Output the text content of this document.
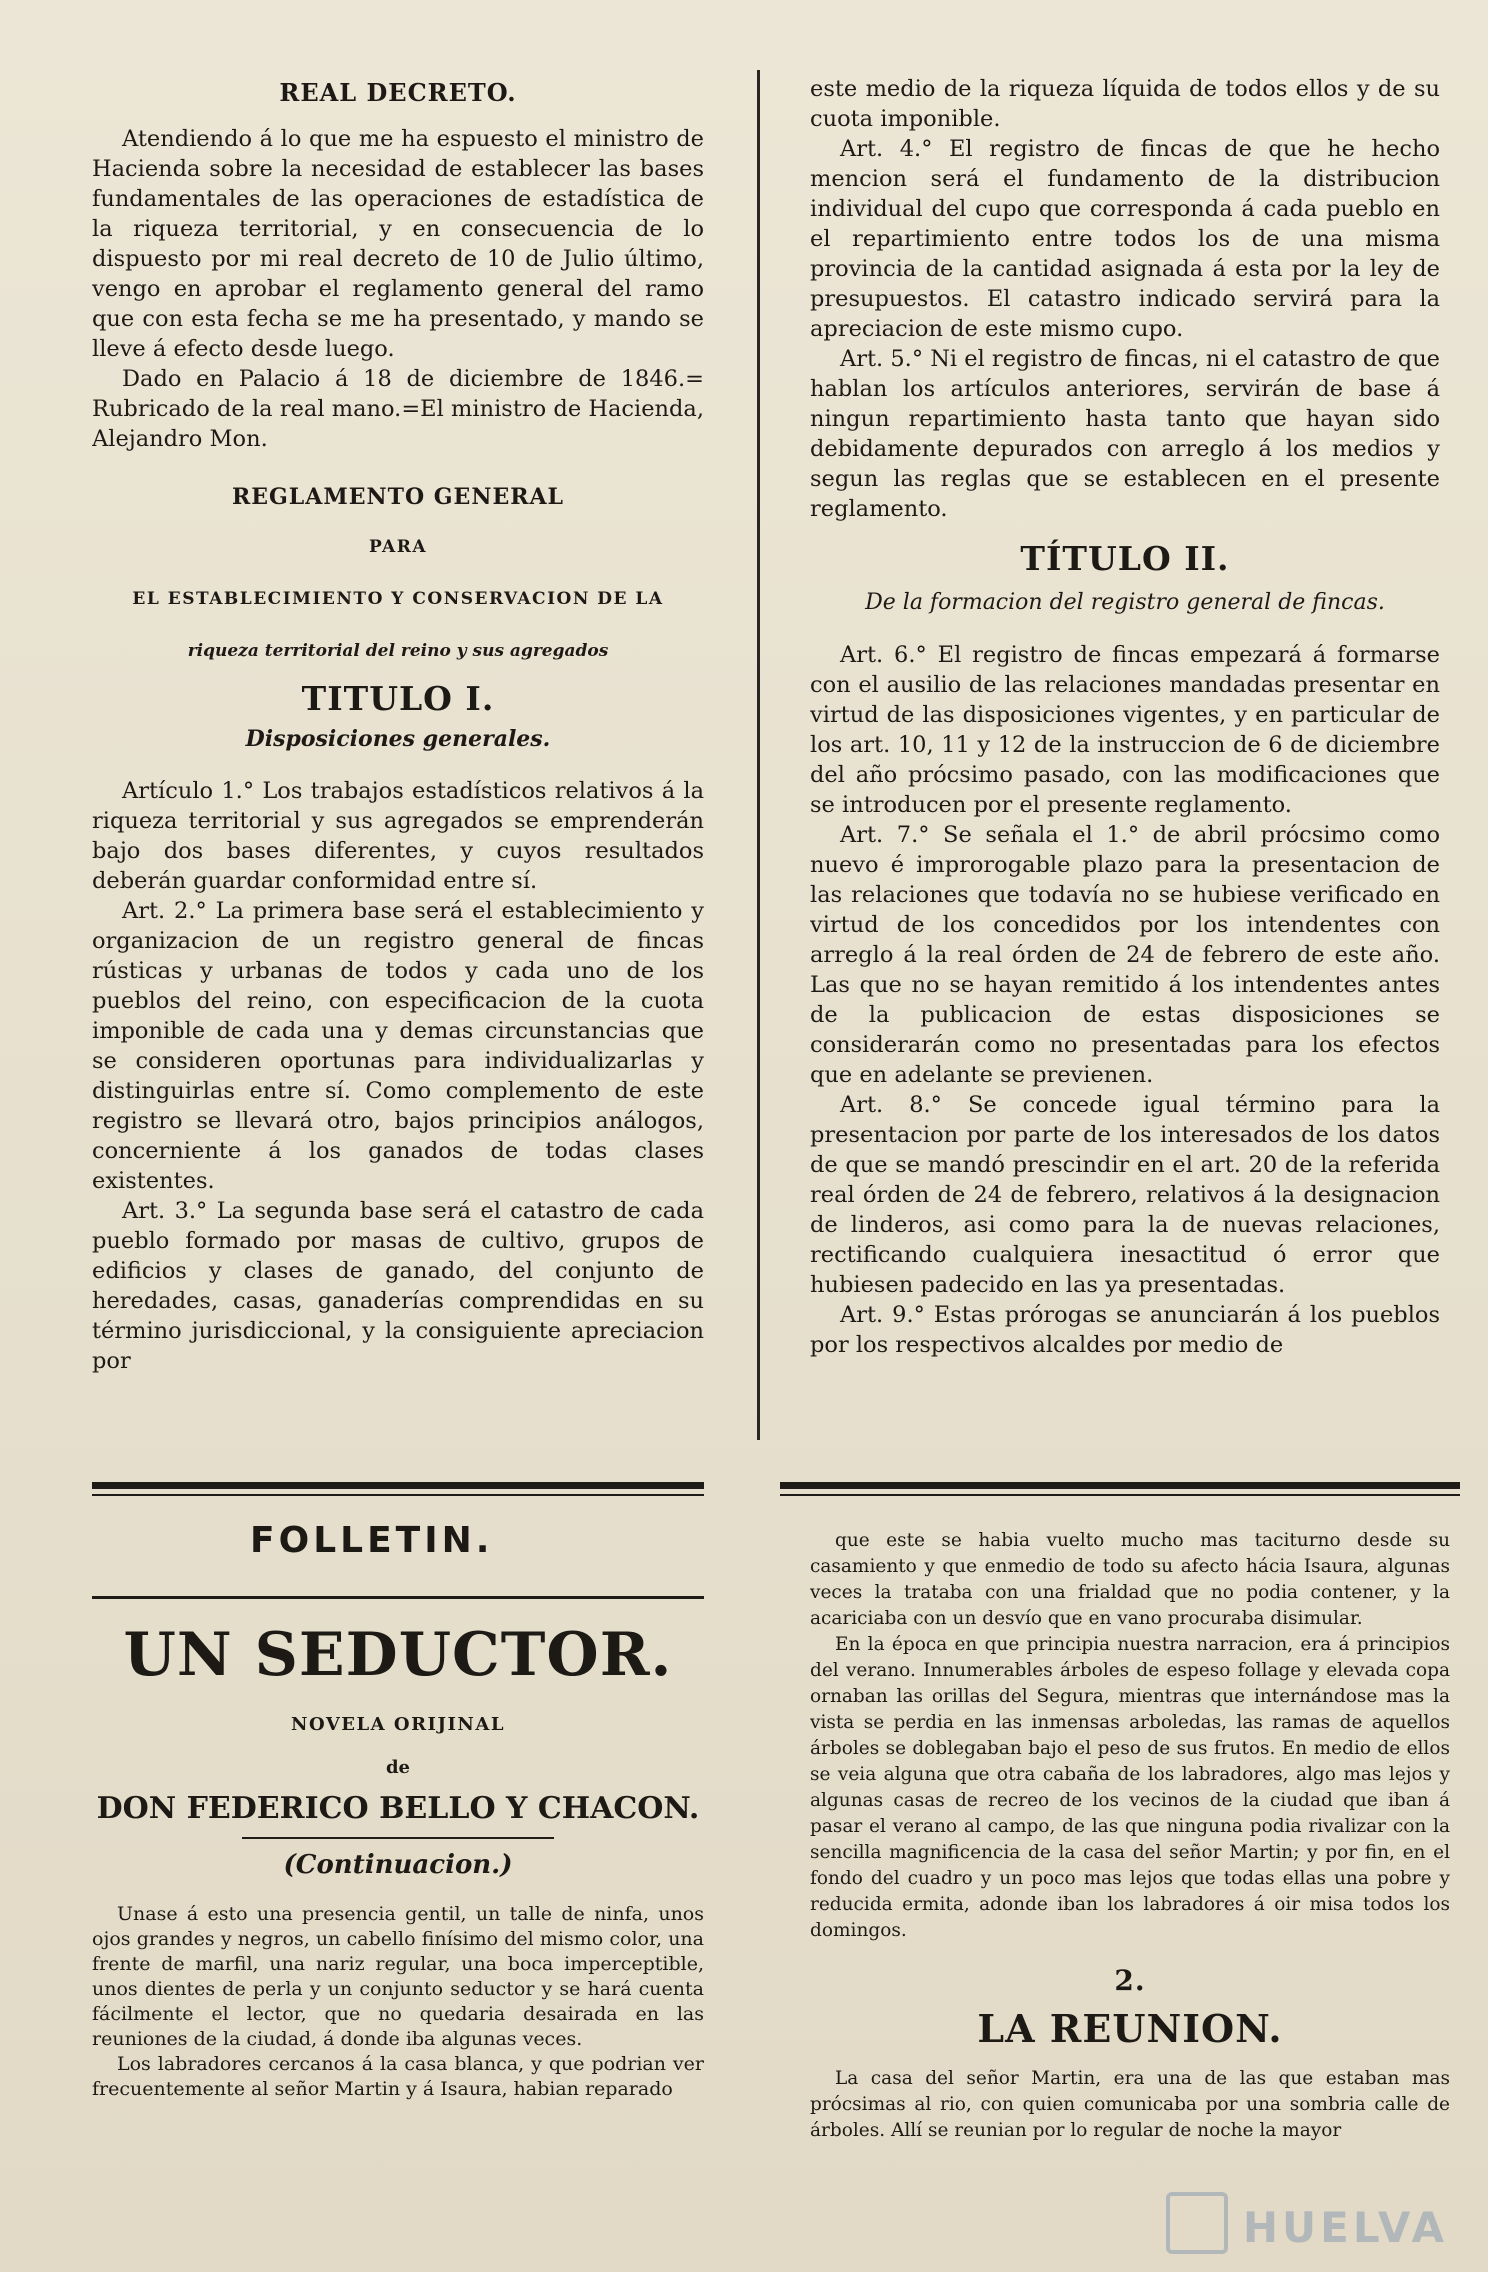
REAL DECRETO.

Atendiendo á lo que me ha espuesto el ministro de Hacienda sobre la necesidad de establecer las bases fundamentales de las operaciones de estadística de la riqueza territorial, y en consecuencia de lo dispuesto por mi real decreto de 10 de Julio último, vengo en aprobar el reglamento general del ramo que con esta fecha se me ha presentado, y mando se lleve á efecto desde luego.

Dado en Palacio á 18 de diciembre de 1846.= Rubricado de la real mano.=El ministro de Hacienda, Alejandro Mon.

REGLAMENTO GENERAL
PARA
EL ESTABLECIMIENTO Y CONSERVACION DE LA
riqueza territorial del reino y sus agregados
TITULO I.
Disposiciones generales.

Artículo 1.° Los trabajos estadísticos relativos á la riqueza territorial y sus agregados se emprenderán bajo dos bases diferentes, y cuyos resultados deberán guardar conformidad entre sí.

Art. 2.° La primera base será el establecimiento y organizacion de un registro general de fincas rústicas y urbanas de todos y cada uno de los pueblos del reino, con especificacion de la cuota imponible de cada una y demas circunstancias que se consideren oportunas para individualizarlas y distinguirlas entre sí. Como complemento de este registro se llevará otro, bajos principios análogos, concerniente á los ganados de todas clases existentes.

Art. 3.° La segunda base será el catastro de cada pueblo formado por masas de cultivo, grupos de edificios y clases de ganado, del conjunto de heredades, casas, ganaderías comprendidas en su término jurisdiccional, y la consiguiente apreciacion por

este medio de la riqueza líquida de todos ellos y de su cuota imponible.

Art. 4.° El registro de fincas de que he hecho mencion será el fundamento de la distribucion individual del cupo que corresponda á cada pueblo en el repartimiento entre todos los de una misma provincia de la cantidad asignada á esta por la ley de presupuestos. El catastro indicado servirá para la apreciacion de este mismo cupo.

Art. 5.° Ni el registro de fincas, ni el catastro de que hablan los artículos anteriores, servirán de base á ningun repartimiento hasta tanto que hayan sido debidamente depurados con arreglo á los medios y segun las reglas que se establecen en el presente reglamento.

TÍTULO II.
De la formacion del registro general de fincas.

Art. 6.° El registro de fincas empezará á formarse con el ausilio de las relaciones mandadas presentar en virtud de las disposiciones vigentes, y en particular de los art. 10, 11 y 12 de la instruccion de 6 de diciembre del año prócsimo pasado, con las modificaciones que se introducen por el presente reglamento.

Art. 7.° Se señala el 1.° de abril prócsimo como nuevo é improrogable plazo para la presentacion de las relaciones que todavía no se hubiese verificado en virtud de los concedidos por los intendentes con arreglo á la real órden de 24 de febrero de este año. Las que no se hayan remitido á los intendentes antes de la publicacion de estas disposiciones se considerarán como no presentadas para los efectos que en adelante se previenen.

Art. 8.° Se concede igual término para la presentacion por parte de los interesados de los datos de que se mandó prescindir en el art. 20 de la referida real órden de 24 de febrero, relativos á la designacion de linderos, asi como para la de nuevas relaciones, rectificando cualquiera inesactitud ó error que hubiesen padecido en las ya presentadas.

Art. 9.° Estas prórogas se anunciarán á los pueblos por los respectivos alcaldes por medio de

FOLLETIN.
UN SEDUCTOR.
NOVELA ORIJINAL
de
DON FEDERICO BELLO Y CHACON.
(Continuacion.)

Unase á esto una presencia gentil, un talle de ninfa, unos ojos grandes y negros, un cabello finísimo del mismo color, una frente de marfil, una nariz regular, una boca imperceptible, unos dientes de perla y un conjunto seductor y se hará cuenta fácilmente el lector, que no quedaria desairada en las reuniones de la ciudad, á donde iba algunas veces.

Los labradores cercanos á la casa blanca, y que podrian ver frecuentemente al señor Martin y á Isaura, habian reparado

que este se habia vuelto mucho mas taciturno desde su casamiento y que enmedio de todo su afecto hácia Isaura, algunas veces la trataba con una frialdad que no podia contener, y la acariciaba con un desvío que en vano procuraba disimular.

En la época en que principia nuestra narracion, era á principios del verano. Innumerables árboles de espeso follage y elevada copa ornaban las orillas del Segura, mientras que internándose mas la vista se perdia en las inmensas arboledas, las ramas de aquellos árboles se doblegaban bajo el peso de sus frutos. En medio de ellos se veia alguna que otra cabaña de los labradores, algo mas lejos y algunas casas de recreo de los vecinos de la ciudad que iban á pasar el verano al campo, de las que ninguna podia rivalizar con la sencilla magnificencia de la casa del señor Martin; y por fin, en el fondo del cuadro y un poco mas lejos que todas ellas una pobre y reducida ermita, adonde iban los labradores á oir misa todos los domingos.

2.
LA REUNION.

La casa del señor Martin, era una de las que estaban mas prócsimas al rio, con quien comunicaba por una sombria calle de árboles. Allí se reunian por lo regular de noche la mayor

HUELVA
